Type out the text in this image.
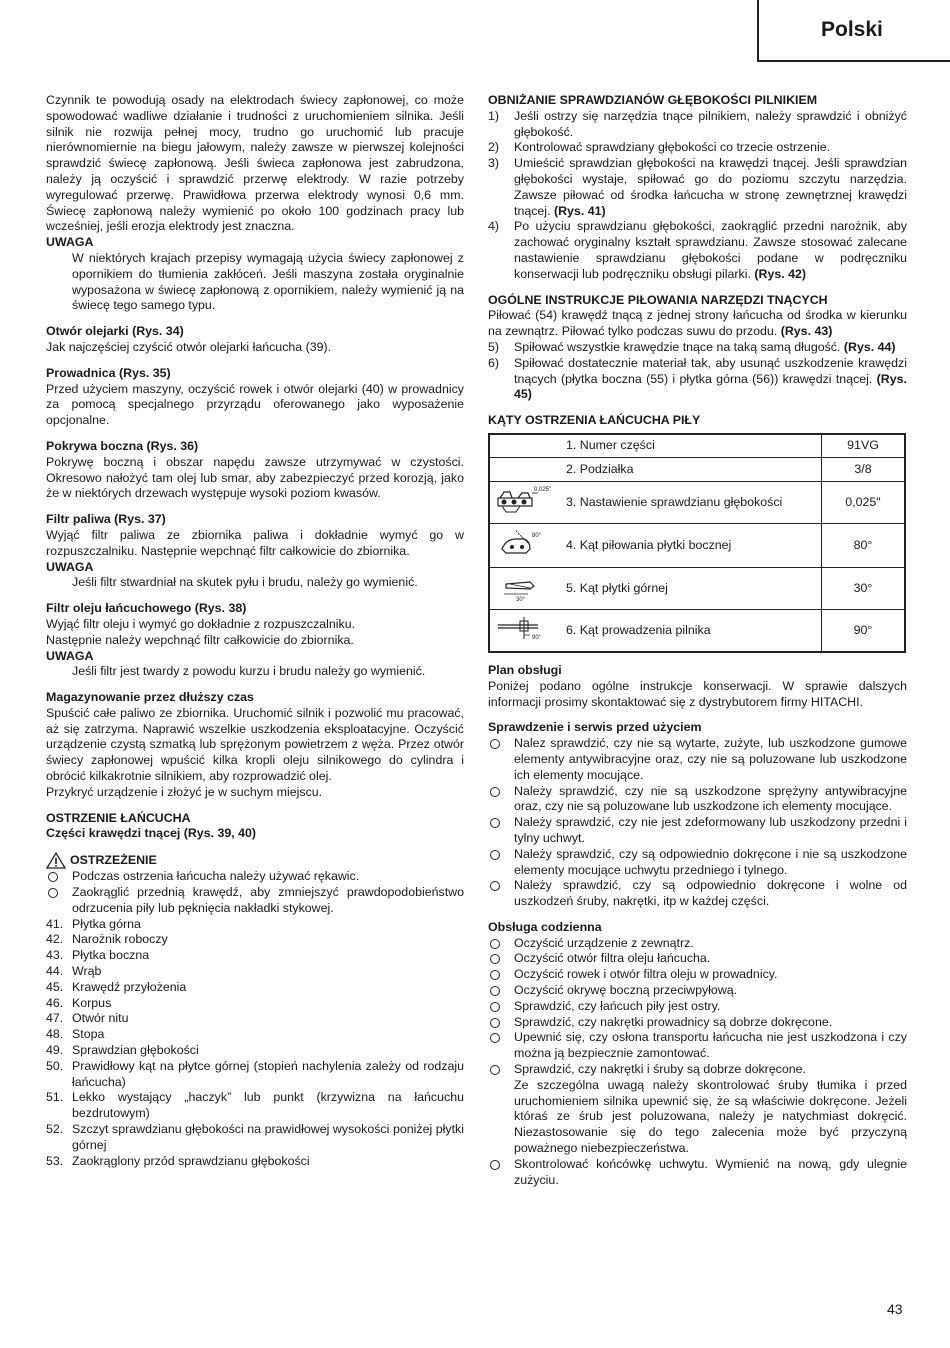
Polski

Czynnik te powodują osady na elektrodach świecy zapłonowej, co może spowodować wadliwe działanie i trudności z uruchomieniem silnika. Jeśli silnik nie rozwija pełnej mocy, trudno go uruchomić lub pracuje nierównomiernie na biegu jałowym, należy zawsze w pierwszej kolejności sprawdzić świecę zapłonową. Jeśli świeca zapłonowa jest zabrudzona, należy ją oczyścić i sprawdzić przerwę elektrody. W razie potrzeby wyregulować przerwę. Prawidłowa przerwa elektrody wynosi 0,6 mm. Świecę zapłonową należy wymienić po około 100 godzinach pracy lub wcześniej, jeśli erozja elektrody jest znaczna.

UWAGA

W niektórych krajach przepisy wymagają użycia świecy zapłonowej z opornikiem do tłumienia zakłóceń. Jeśli maszyna została oryginalnie wyposażona w świecę zapłonową z opornikiem, należy wymienić ją na świecę tego samego typu.

Otwór olejarki (Rys. 34)

Jak najczęściej czyścić otwór olejarki łańcucha (39).

Prowadnica (Rys. 35)

Przed użyciem maszyny, oczyścić rowek i otwór olejarki (40) w prowadnicy za pomocą specjalnego przyrządu oferowanego jako wyposażenie opcjonalne.

Pokrywa boczna (Rys. 36)

Pokrywę boczną i obszar napędu zawsze utrzymywać w czystości. Okresowo nałożyć tam olej lub smar, aby zabezpieczyć przed korozją, jako że w niektórych drzewach występuje wysoki poziom kwasów.

Filtr paliwa (Rys. 37)

Wyjąć filtr paliwa ze zbiornika paliwa i dokładnie wymyć go w rozpuszczalniku. Następnie wepchnąć filtr całkowicie do zbiornika.

UWAGA

Jeśli filtr stwardniał na skutek pyłu i brudu, należy go wymienić.

Filtr oleju łańcuchowego (Rys. 38)

Wyjąć filtr oleju i wymyć go dokładnie z rozpuszczalniku.

Następnie należy wepchnąć filtr całkowicie do zbiornika.

UWAGA

Jeśli filtr jest twardy z powodu kurzu i brudu należy go wymienić.

Magazynowanie przez dłuższy czas

Spuścić całe paliwo ze zbiornika. Uruchomić silnik i pozwolić mu pracować, aż się zatrzyma. Naprawić wszelkie uszkodzenia eksploatacyjne. Oczyścić urządzenie czystą szmatką lub sprężonym powietrzem z węża. Przez otwór świecy zapłonowej wpuścić kilka kropli oleju silnikowego do cylindra i obrócić kilkakrotnie silnikiem, aby rozprowadzić olej.

Przykryć urządzenie i złożyć je w suchym miejscu.

OSTRZENIE ŁAŃCUCHA

Części krawędzi tnącej (Rys. 39, 40)

OSTRZEŻENIE
Podczas ostrzenia łańcucha należy używać rękawic.
Zaokrąglić przednią krawędź, aby zmniejszyć prawdopodobieństwo odrzucenia piły lub pęknięcia nakładki stykowej.
41. Płytka górna
42. Narożnik roboczy
43. Płytka boczna
44. Wrąb
45. Krawędź przyłożenia
46. Korpus
47. Otwór nitu
48. Stopa
49. Sprawdzian głębokości
50. Prawidłowy kąt na płytce górnej (stopień nachylenia zależy od rodzaju łańcucha)
51. Lekko wystający „haczyk” lub punkt (krzywizna na łańcuchu bezdrutowym)
52. Szczyt sprawdzianu głębokości na prawidłowej wysokości poniżej płytki górnej
53. Zaokrąglony przód sprawdzianu głębokości

OBNIŻANIE SPRAWDZIANÓW GŁĘBOKOŚCI PILNIKIEM

1) Jeśli ostrzy się narzędzia tnące pilnikiem, należy sprawdzić i obniżyć głębokość.
2) Kontrolować sprawdziany głębokości co trzecie ostrzenie.
3) Umieścić sprawdzian głębokości na krawędzi tnącej. Jeśli sprawdzian głębokości wystaje, spiłować go do poziomu szczytu narzędzia. Zawsze piłować od środka łańcucha w stronę zewnętrznej krawędzi tnącej. (Rys. 41)
4) Po użyciu sprawdzianu głębokości, zaokrąglić przedni narożnik, aby zachować oryginalny kształt sprawdzianu. Zawsze stosować zalecane nastawienie sprawdzianu głębokości podane w podręczniku konserwacji lub podręczniku obsługi pilarki. (Rys. 42)

OGÓLNE INSTRUKCJE PIŁOWANIA NARZĘDZI TNĄCYCH

Piłować (54) krawędź tnącą z jednej strony łańcucha od środka w kierunku na zewnątrz. Piłować tylko podczas suwu do przodu. (Rys. 43)

5) Spiłować wszystkie krawędzie tnące na taką samą długość. (Rys. 44)
6) Spiłować dostatecznie materiał tak, aby usunąć uszkodzenie krawędzi tnących (płytka boczna (55) i płytka górna (56)) krawędzi tnącej. (Rys. 45)

KĄTY OSTRZENIA ŁAŃCUCHA PIŁY

	1. Numer części	91VG
	2. Podziałka	3/8

0,025"	3. Nastawienie sprawdzianu głębokości	0,025"

80°	4. Kąt piłowania płytki bocznej	80°

30°	5. Kąt płytki górnej	30°

90°	6. Kąt prowadzenia pilnika	90°

Plan obsługi

Poniżej podano ogólne instrukcje konserwacji. W sprawie dalszych informacji prosimy skontaktować się z dystrybutorem firmy HITACHI.

Sprawdzenie i serwis przed użyciem

Nalez sprawdzić, czy nie są wytarte, zużyte, lub uszkodzone gumowe elementy antywibracyjne oraz, czy nie są poluzowane lub uszkodzone ich elementy mocujące.
Należy sprawdzić, czy nie są uszkodzone sprężyny antywibracyjne oraz, czy nie są poluzowane lub uszkodzone ich elementy mocujące.
Należy sprawdzić, czy nie jest zdeformowany lub uszkodzony przedni i tylny uchwyt.
Należy sprawdzić, czy są odpowiednio dokręcone i nie są uszkodzone elementy mocujące uchwytu przedniego i tylnego.
Należy sprawdzić, czy są odpowiednio dokręcone i wolne od uszkodzeń śruby, nakrętki, itp w każdej części.

Obsługa codzienna

Oczyścić urządzenie z zewnątrz.
Oczyścić otwór filtra oleju łańcucha.
Oczyścić rowek i otwór filtra oleju w prowadnicy.
Oczyścić okrywę boczną przeciwpyłową.
Sprawdzić, czy łańcuch piły jest ostry.
Sprawdzić, czy nakrętki prowadnicy są dobrze dokręcone.
Upewnić się, czy osłona transportu łańcucha nie jest uszkodzona i czy można ją bezpiecznie zamontować.
Sprawdzić, czy nakrętki i śruby są dobrze dokręcone.

Ze szczególna uwagą należy skontrolować śruby tłumika i przed uruchomieniem silnika upewnić się, że są właściwie dokręcone. Jeżeli któraś ze śrub jest poluzowana, należy je natychmiast dokręcić. Niezastosowanie się do tego zalecenia może być przyczyną poważnego niebezpieczeństwa.

Skontrolować końcówkę uchwytu. Wymienić na nową, gdy ulegnie zużyciu.
43
